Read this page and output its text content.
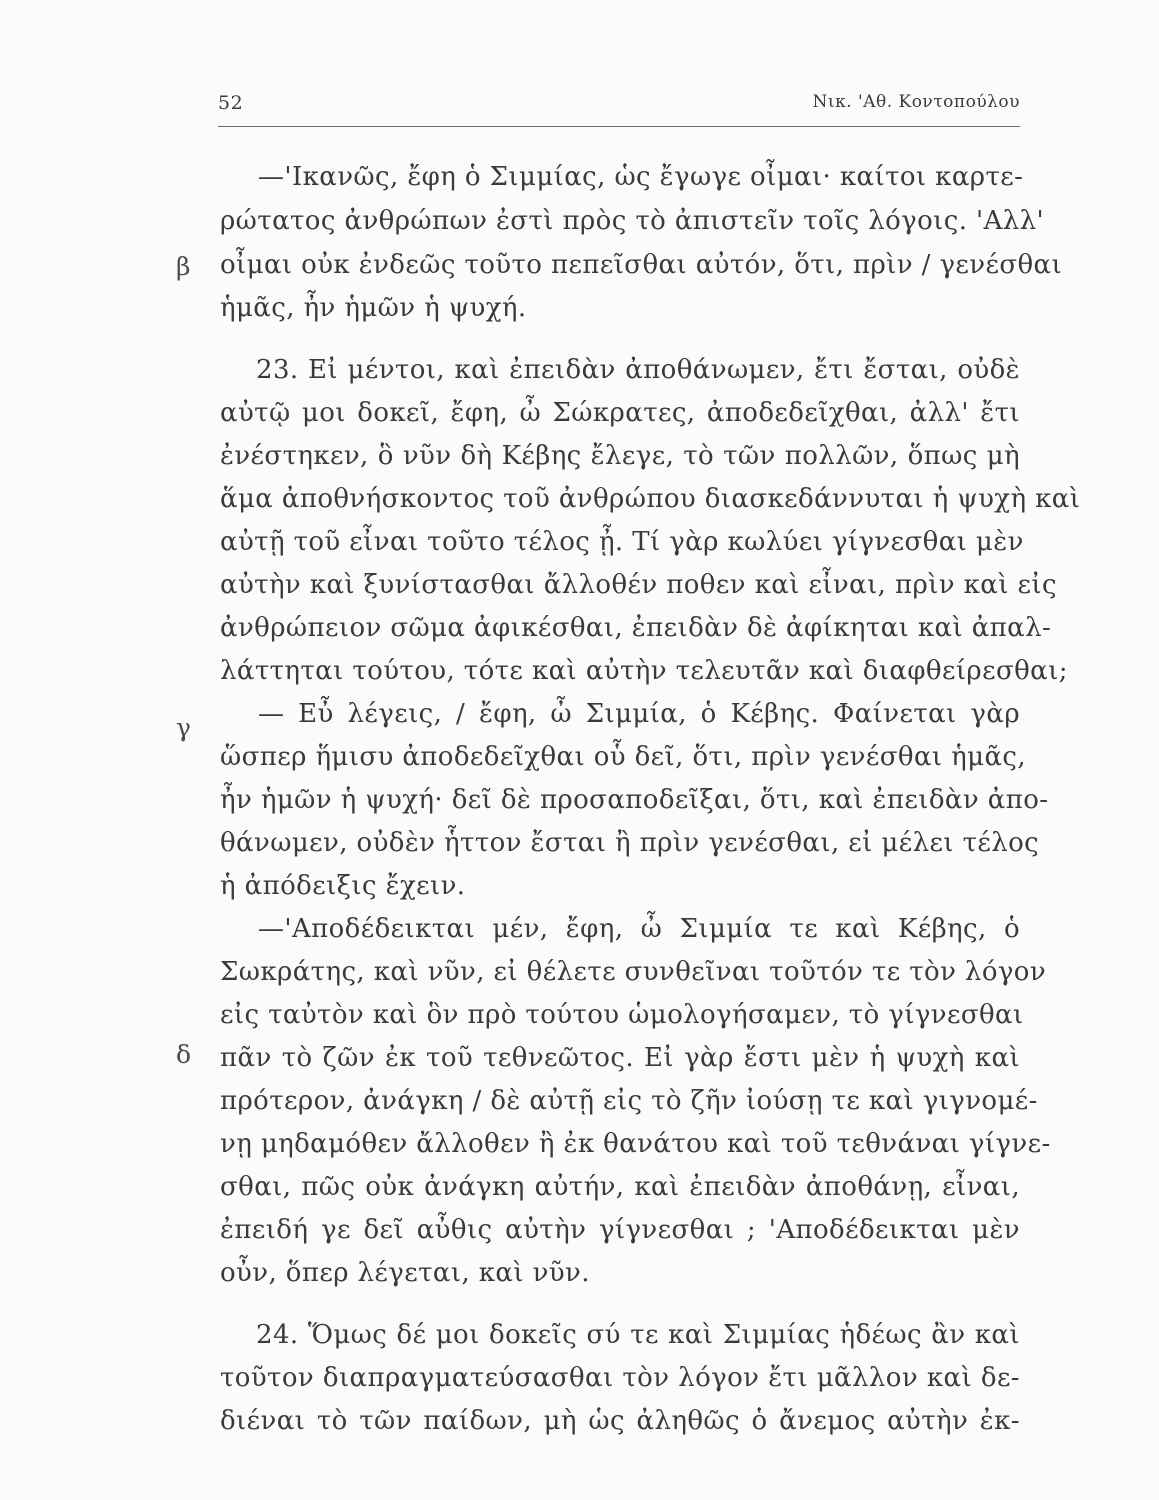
52	Νικ. 'Αθ. Κοντοπούλου
β
γ
δ
—'Ικανῶς, ἔφη ὁ Σιμμίας, ὡς ἔγωγε οἶμαι· καίτοι καρτε-
ρώτατος ἀνθρώπων ἐστὶ πρὸς τὸ ἀπιστεῖν τοῖς λόγοις. 'Αλλ'
οἶμαι οὐκ ἐνδεῶς τοῦτο πεπεῖσθαι αὐτόν, ὅτι, πρὶν / γενέσθαι
ἡμᾶς, ἦν ἡμῶν ἡ ψυχή.
23. Εἰ μέντοι, καὶ ἐπειδὰν ἀποθάνωμεν, ἔτι ἔσται, οὐδὲ
αὐτῷ μοι δοκεῖ, ἔφη, ὦ Σώκρατες, ἀποδεδεῖχθαι, ἀλλ' ἔτι
ἐνέστηκεν, ὃ νῦν δὴ Κέβης ἔλεγε, τὸ τῶν πολλῶν, ὅπως μὴ
ἅμα ἀποθνήσκοντος τοῦ ἀνθρώπου διασκεδάννυται ἡ ψυχὴ καὶ
αὐτῇ τοῦ εἶναι τοῦτο τέλος ᾖ. Τί γὰρ κωλύει γίγνεσθαι μὲν
αὐτὴν καὶ ξυνίστασθαι ἄλλοθέν ποθεν καὶ εἶναι, πρὶν καὶ εἰς
ἀνθρώπειον σῶμα ἀφικέσθαι, ἐπειδὰν δὲ ἀφίκηται καὶ ἀπαλ-
λάττηται τούτου, τότε καὶ αὐτὴν τελευτᾶν καὶ διαφθείρεσθαι;
— Εὖ λέγεις, / ἔφη, ὦ Σιμμία, ὁ Κέβης. Φαίνεται γὰρ
ὥσπερ ἥμισυ ἀποδεδεῖχθαι οὗ δεῖ, ὅτι, πρὶν γενέσθαι ἡμᾶς,
ἦν ἡμῶν ἡ ψυχή· δεῖ δὲ προσαποδεῖξαι, ὅτι, καὶ ἐπειδὰν ἀπο-
θάνωμεν, οὐδὲν ἧττον ἔσται ἢ πρὶν γενέσθαι, εἰ μέλει τέλος
ἡ ἀπόδειξις ἔχειν.
—'Αποδέδεικται μέν, ἔφη, ὦ Σιμμία τε καὶ Κέβης, ὁ
Σωκράτης, καὶ νῦν, εἰ θέλετε συνθεῖναι τοῦτόν τε τὸν λόγον
εἰς ταὐτὸν καὶ ὃν πρὸ τούτου ὡμολογήσαμεν, τὸ γίγνεσθαι
πᾶν τὸ ζῶν ἐκ τοῦ τεθνεῶτος. Εἰ γὰρ ἔστι μὲν ἡ ψυχὴ καὶ
πρότερον, ἀνάγκη / δὲ αὐτῇ εἰς τὸ ζῆν ἰούσῃ τε καὶ γιγνομέ-
νῃ μηδαμόθεν ἄλλοθεν ἢ ἐκ θανάτου καὶ τοῦ τεθνάναι γίγνε-
σθαι, πῶς οὐκ ἀνάγκη αὐτήν, καὶ ἐπειδὰν ἀποθάνῃ, εἶναι,
ἐπειδή γε δεῖ αὖθις αὐτὴν γίγνεσθαι ; 'Αποδέδεικται μὲν
οὖν, ὅπερ λέγεται, καὶ νῦν.
24. Ὅμως δέ μοι δοκεῖς σύ τε καὶ Σιμμίας ἡδέως ἂν καὶ
τοῦτον διαπραγματεύσασθαι τὸν λόγον ἔτι μᾶλλον καὶ δε-
διέναι τὸ τῶν παίδων, μὴ ὡς ἀληθῶς ὁ ἄνεμος αὐτὴν ἐκ-
